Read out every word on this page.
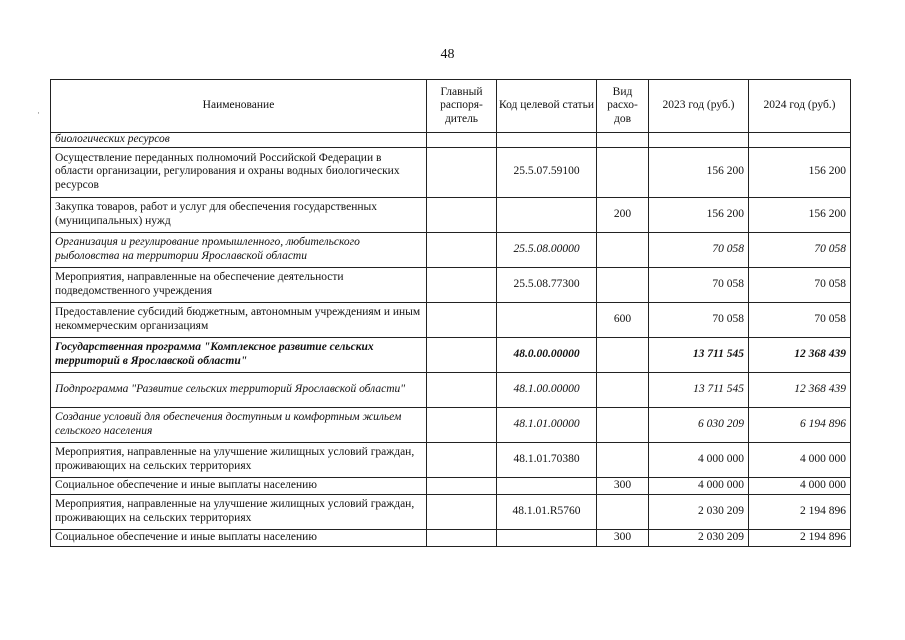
48
·
Наименование	Главный распоря-дитель	Код целевой статьи	Вид расхо-дов	2023 год (руб.)	2024 год (руб.)
биологических ресурсов					
Осуществление переданных полномочий Российской Федерации в области организации, регулирования и охраны водных биологических ресурсов		25.5.07.59100		156 200	156 200
Закупка товаров, работ и услуг для обеспечения государственных (муниципальных) нужд			200	156 200	156 200
Организация и регулирование промышленного, любительского рыболовства на территории Ярославской области		25.5.08.00000		70 058	70 058
Мероприятия, направленные на обеспечение деятельности подведомственного учреждения		25.5.08.77300		70 058	70 058
Предоставление субсидий бюджетным, автономным учреждениям и иным некоммерческим организациям			600	70 058	70 058
Государственная программа "Комплексное развитие сельских территорий в Ярославской области"		48.0.00.00000		13 711 545	12 368 439
Подпрограмма "Развитие сельских территорий Ярославской области"		48.1.00.00000		13 711 545	12 368 439
Создание условий для обеспечения доступным и комфортным жильем сельского населения		48.1.01.00000		6 030 209	6 194 896
Мероприятия, направленные на улучшение жилищных условий граждан, проживающих на сельских территориях		48.1.01.70380		4 000 000	4 000 000
Социальное обеспечение и иные выплаты населению			300	4 000 000	4 000 000
Мероприятия, направленные на улучшение жилищных условий граждан, проживающих на сельских территориях		48.1.01.R5760		2 030 209	2 194 896
Социальное обеспечение и иные выплаты населению			300	2 030 209	2 194 896
